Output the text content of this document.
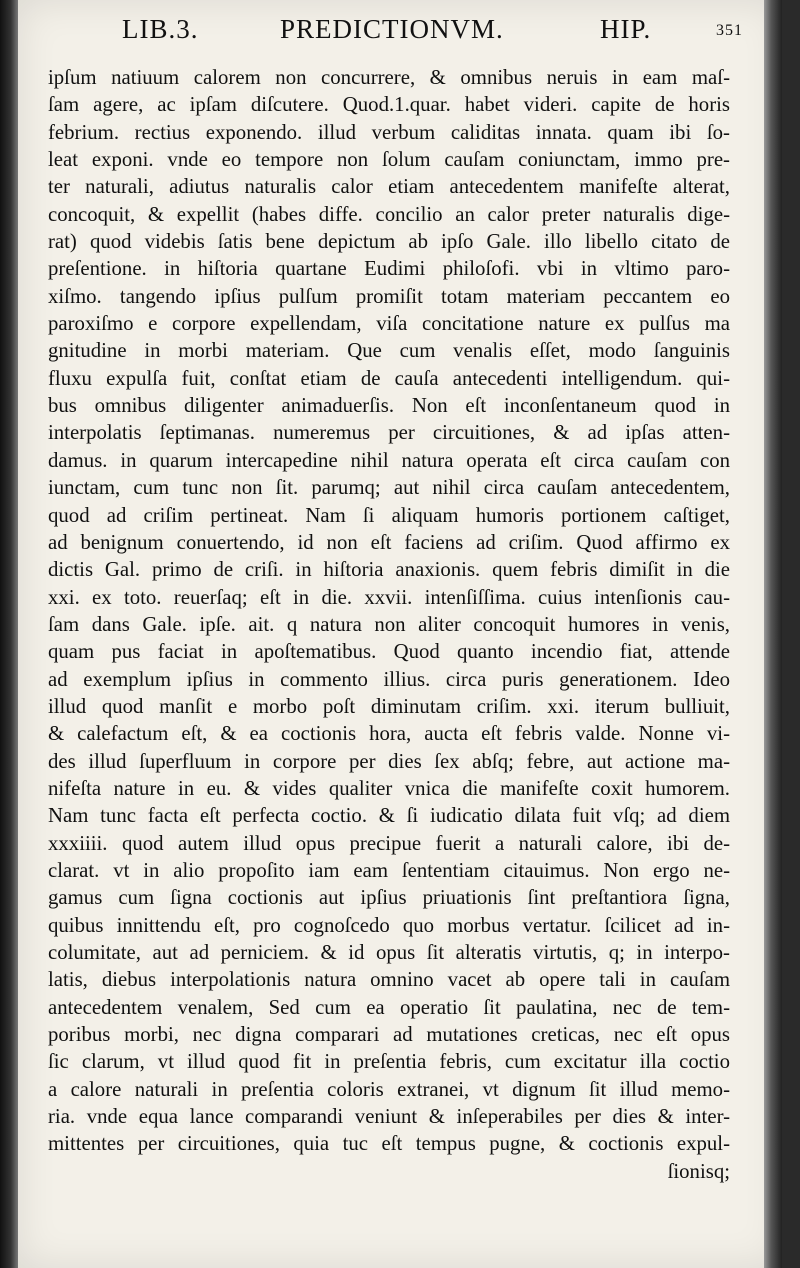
LIB.3.	PREDICTIONVM.	HIP.	351
ipſum natiuum calorem non concurrere, & omnibus neruis in eam maſ-
ſam agere, ac ipſam diſcutere. Quod.1.quar. habet videri. capite de horis
febrium. rectius exponendo. illud verbum caliditas innata. quam ibi ſo-
leat exponi. vnde eo tempore non ſolum cauſam coniunctam, immo pre-
ter naturali, adiutus naturalis calor etiam antecedentem manifeſte alterat,
concoquit, & expellit (habes diffe. concilio an calor preter naturalis dige-
rat) quod videbis ſatis bene depictum ab ipſo Gale. illo libello citato de
preſentione. in hiſtoria quartane Eudimi philoſofi. vbi in vltimo paro-
xiſmo. tangendo ipſius pulſum promiſit totam materiam peccantem eo
paroxiſmo e corpore expellendam, viſa concitatione nature ex pulſus ma
gnitudine in morbi materiam. Que cum venalis eſſet, modo ſanguinis
fluxu expulſa fuit, conſtat etiam de cauſa antecedenti intelligendum. qui-
bus omnibus diligenter animaduerſis. Non eſt inconſentaneum quod in
interpolatis ſeptimanas. numeremus per circuitiones, & ad ipſas atten-
damus. in quarum intercapedine nihil natura operata eſt circa cauſam con
iunctam, cum tunc non ſit. parumq; aut nihil circa cauſam antecedentem,
quod ad criſim pertineat. Nam ſi aliquam humoris portionem caſtiget,
ad benignum conuertendo, id non eſt faciens ad criſim. Quod affirmo ex
dictis Gal. primo de criſi. in hiſtoria anaxionis. quem febris dimiſit in die
xxi. ex toto. reuerſaq; eſt in die. xxvii. intenſiſſima. cuius intenſionis cau-
ſam dans Gale. ipſe. ait. q natura non aliter concoquit humores in venis,
quam pus faciat in apoſtematibus. Quod quanto incendio fiat, attende
ad exemplum ipſius in commento illius. circa puris generationem. Ideo
illud quod manſit e morbo poſt diminutam criſim. xxi. iterum bulliuit,
& calefactum eſt, & ea coctionis hora, aucta eſt febris valde. Nonne vi-
des illud ſuperfluum in corpore per dies ſex abſq; febre, aut actione ma-
nifeſta nature in eu. & vides qualiter vnica die manifeſte coxit humorem.
Nam tunc facta eſt perfecta coctio. & ſi iudicatio dilata fuit vſq; ad diem
xxxiiii. quod autem illud opus precipue fuerit a naturali calore, ibi de-
clarat. vt in alio propoſito iam eam ſententiam citauimus. Non ergo ne-
gamus cum ſigna coctionis aut ipſius priuationis ſint preſtantiora ſigna,
quibus innittendu eſt, pro cognoſcedo quo morbus vertatur. ſcilicet ad in-
columitate, aut ad perniciem. & id opus ſit alteratis virtutis, q; in interpo-
latis, diebus interpolationis natura omnino vacet ab opere tali in cauſam
antecedentem venalem, Sed cum ea operatio ſit paulatina, nec de tem-
poribus morbi, nec digna comparari ad mutationes creticas, nec eſt opus
ſic clarum, vt illud quod fit in preſentia febris, cum excitatur illa coctio
a calore naturali in preſentia coloris extranei, vt dignum ſit illud memo-
ria. vnde equa lance comparandi veniunt & inſeperabiles per dies & inter-
mittentes per circuitiones, quia tuc eſt tempus pugne, & coctionis expul-
ſionisq;
